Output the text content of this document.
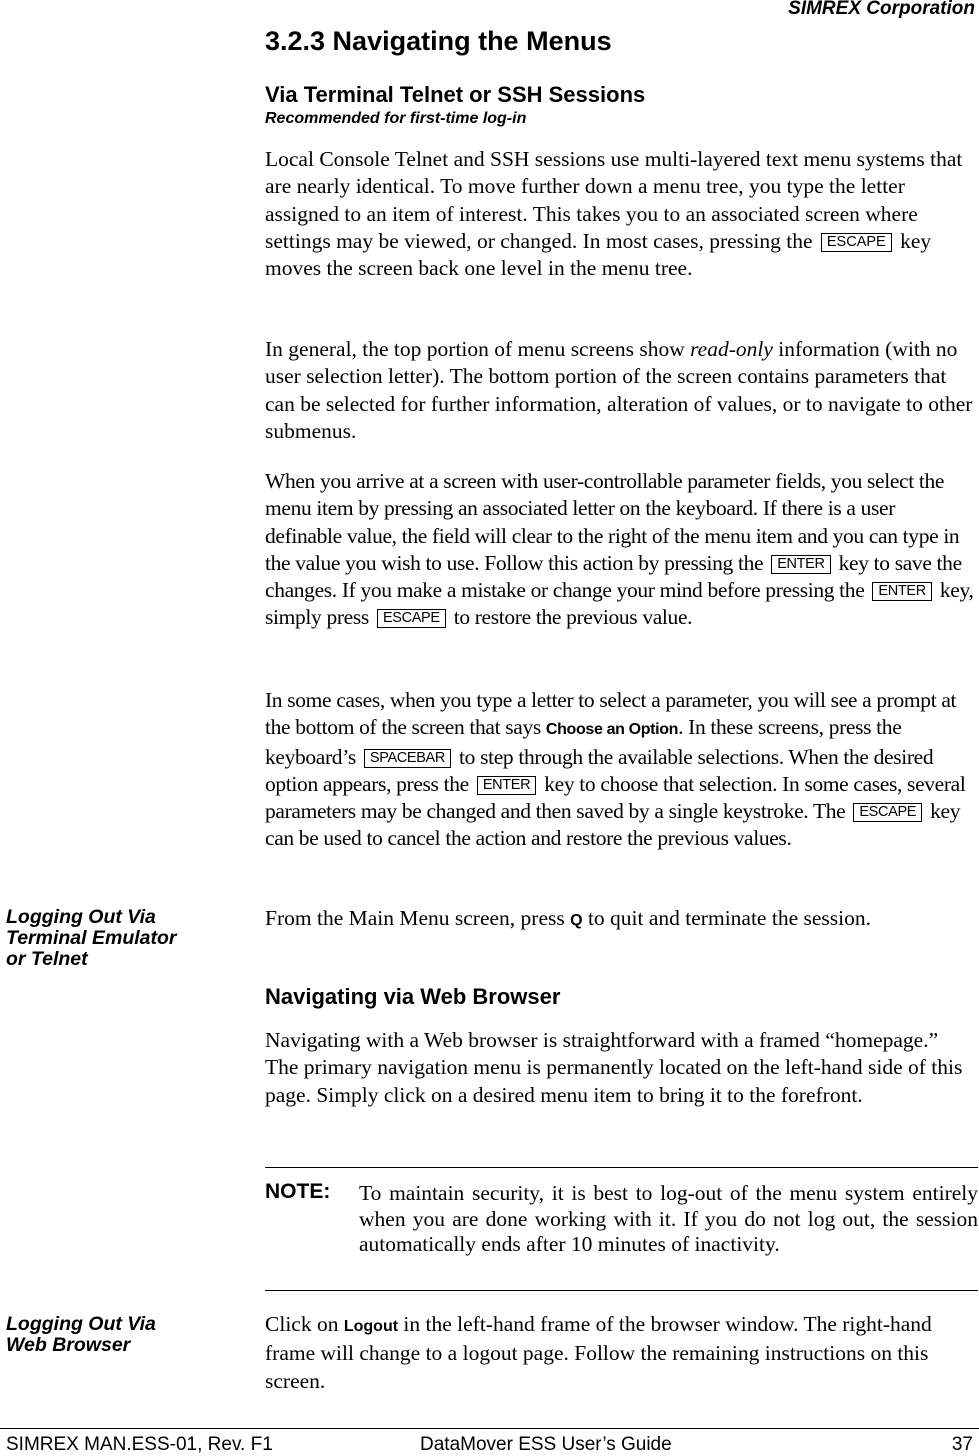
SIMREX Corporation
3.2.3 Navigating the Menus
Via Terminal Telnet or SSH Sessions
Recommended for first-time log-in

Local Console Telnet and SSH sessions use multi-layered text menu systems that are nearly identical. To move further down a menu tree, you type the letter assigned to an item of interest. This takes you to an associated screen where settings may be viewed, or changed. In most cases, pressing the ESCAPE key moves the screen back one level in the menu tree.

In general, the top portion of menu screens show read-only information (with no user selection letter). The bottom portion of the screen contains parameters that can be selected for further information, alteration of values, or to navigate to other submenus.

When you arrive at a screen with user-controllable parameter fields, you select the menu item by pressing an associated letter on the keyboard. If there is a user definable value, the field will clear to the right of the menu item and you can type in the value you wish to use. Follow this action by pressing the ENTER key to save the changes. If you make a mistake or change your mind before pressing the ENTER key, simply press ESCAPE to restore the previous value.

In some cases, when you type a letter to select a parameter, you will see a prompt at the bottom of the screen that says Choose an Option. In these screens, press the keyboard’s SPACEBAR to step through the available selections. When the desired option appears, press the ENTER key to choose that selection. In some cases, several parameters may be changed and then saved by a single keystroke. The ESCAPE key can be used to cancel the action and restore the previous values.

Logging Out Via
Terminal Emulator
or Telnet

From the Main Menu screen, press Q to quit and terminate the session.

Navigating via Web Browser

Navigating with a Web browser is straightforward with a framed “homepage.” The primary navigation menu is permanently located on the left-hand side of this page. Simply click on a desired menu item to bring it to the forefront.

NOTE: To maintain security, it is best to log-out of the menu system entirely when you are done working with it. If you do not log out, the session automatically ends after 10 minutes of inactivity.

Logging Out Via
Web Browser

Click on Logout in the left-hand frame of the browser window. The right-hand frame will change to a logout page. Follow the remaining instructions on this screen.

SIMREX MAN.ESS-01, Rev. F1	DataMover ESS User’s Guide	37
